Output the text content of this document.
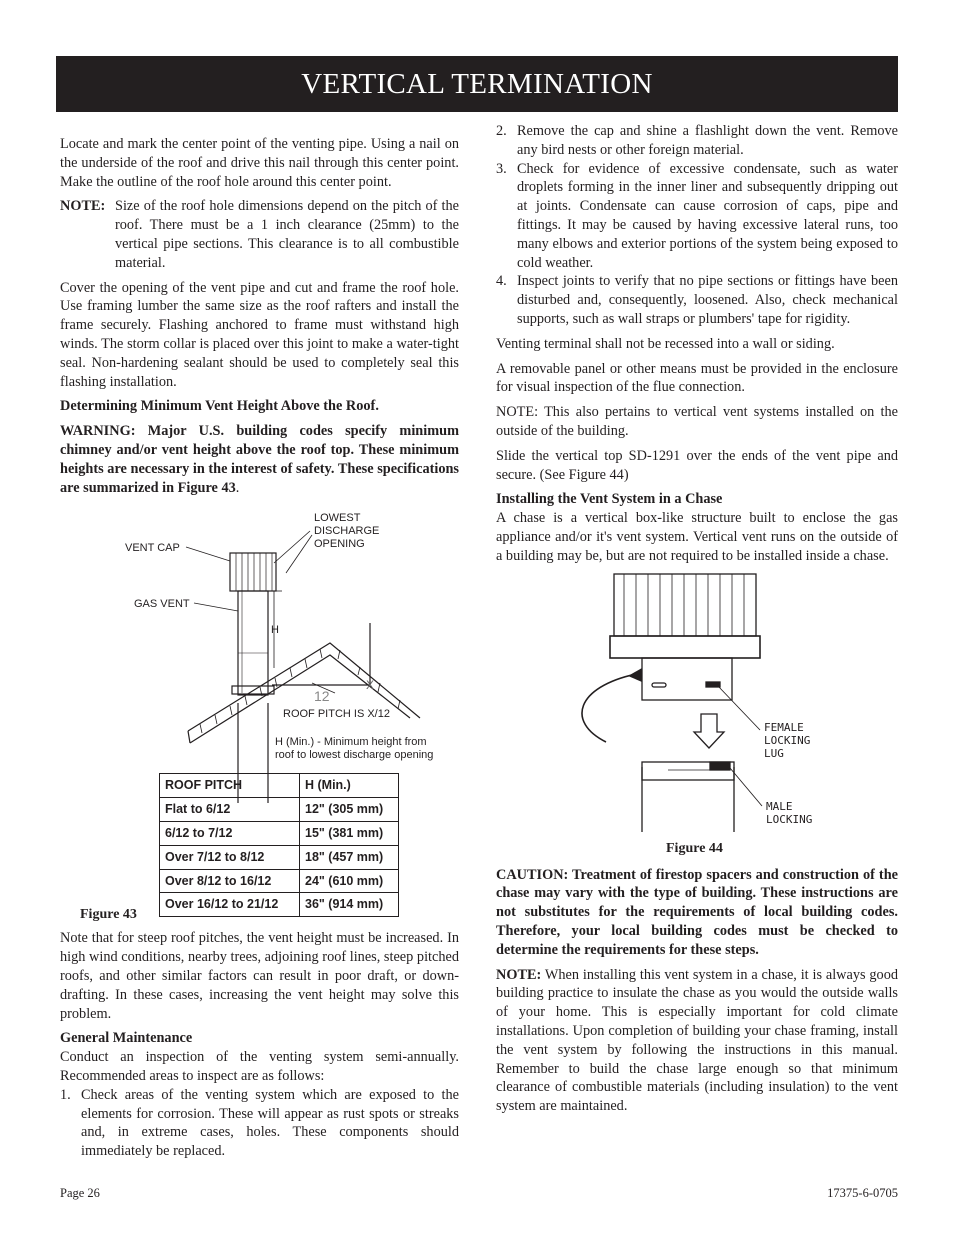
VERTICAL TERMINATION

Locate and mark the center point of the venting pipe. Using a nail on the underside of the roof and drive this nail through this center point. Make the outline of the roof hole around this center point.

NOTE: Size of the roof hole dimensions depend on the pitch of the roof. There must be a 1 inch clearance (25mm) to the vertical pipe sections. This clearance is to all combustible material.

Cover the opening of the vent pipe and cut and frame the roof hole. Use framing lumber the same size as the roof rafters and install the frame securely. Flashing anchored to frame must withstand high winds. The storm collar is placed over this joint to make a water-tight seal. Non-hardening sealant should be used to completely seal this flashing installation.

Determining Minimum Vent Height Above the Roof.

WARNING: Major U.S. building codes specify minimum chimney and/or vent height above the roof top. These minimum heights are necessary in the interest of safety. These specifications are summarized in Figure 43.

VENT CAP
GAS VENT
LOWEST
DISCHARGE
OPENING
H
12
X
ROOF PITCH IS X/12
H (Min.) - Minimum height from
roof to lowest discharge opening
ROOF PITCH	H (Min.)
Flat to 6/12	12" (305 mm)
6/12 to 7/12	15" (381 mm)
Over 7/12 to 8/12	18" (457 mm)
Over 8/12 to 16/12	24" (610 mm)
Over 16/12 to 21/12	36" (914 mm)
Figure 43

Note that for steep roof pitches, the vent height must be increased. In high wind conditions, nearby trees, adjoining roof lines, steep pitched roofs, and other similar factors can result in poor draft, or down-drafting. In these cases, increasing the vent height may solve this problem.

General Maintenance

Conduct an inspection of the venting system semi-annually. Recommended areas to inspect are as follows:

1. Check areas of the venting system which are exposed to the elements for corrosion. These will appear as rust spots or streaks and, in extreme cases, holes. These components should immediately be replaced.
2. Remove the cap and shine a flashlight down the vent. Remove any bird nests or other foreign material.
3. Check for evidence of excessive condensate, such as water droplets forming in the inner liner and subsequently dripping out at joints. Condensate can cause corrosion of caps, pipe and fittings. It may be caused by having excessive lateral runs, too many elbows and exterior portions of the system being exposed to cold weather.
4. Inspect joints to verify that no pipe sections or fittings have been disturbed and, consequently, loosened. Also, check mechanical supports, such as wall straps or plumbers' tape for rigidity.

Venting terminal shall not be recessed into a wall or siding.

A removable panel or other means must be provided in the enclosure for visual inspection of the flue connection.

NOTE: This also pertains to vertical vent systems installed on the outside of the building.

Slide the vertical top SD-1291 over the ends of the vent pipe and secure. (See Figure 44)

Installing the Vent System in a Chase

A chase is a vertical box-like structure built to enclose the gas appliance and/or it's vent system. Vertical vent runs on the outside of a building may be, but are not required to be installed inside a chase.

FEMALE
LOCKING
LUG
MALE
LOCKING
Figure 44

CAUTION: Treatment of firestop spacers and construction of the chase may vary with the type of building. These instructions are not substitutes for the requirements of local building codes. Therefore, your local building codes must be checked to determine the requirements for these steps.

NOTE: When installing this vent system in a chase, it is always good building practice to insulate the chase as you would the outside walls of your home. This is especially important for cold climate installations. Upon completion of building your chase framing, install the vent system by following the instructions in this manual. Remember to build the chase large enough so that minimum clearance of combustible materials (including insulation) to the vent system are maintained.

Page 26	17375-6-0705
